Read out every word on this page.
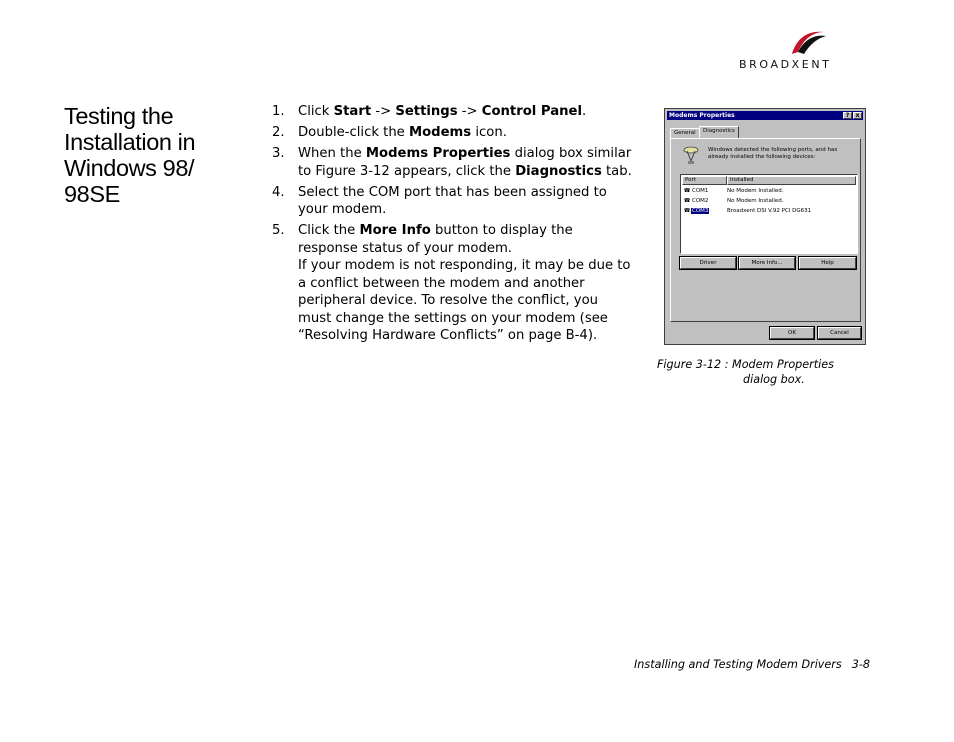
BROADXENT
Testing the
Installation in
Windows 98/
98SE
1. Click Start -> Settings -> Control Panel.
2. Double-click the Modems icon.
3. When the Modems Properties dialog box similar to Figure 3-12 appears, click the Diagnostics tab.
4. Select the COM port that has been assigned to your modem.
5. Click the More Info button to display the response status of your modem.
If your modem is not responding, it may be due to a conflict between the modem and another peripheral device. To resolve the conflict, you must change the settings on your modem (see “Resolving Hardware Conflicts” on page B-4).
Modems Properties	?	x
General	Diagnostics
Windows detected the following ports, and has already installed the following devices:
Port	Installed
☎ COM1	No Modem Installed.
☎ COM2	No Modem Installed.
☎ COM3	Broadxent DSI V.92 PCI DG631
Driver	More Info...	Help
OK	Cancel
Figure 3-12 : Modem Properties
dialog box.
Installing and Testing Modem Drivers 3-8
